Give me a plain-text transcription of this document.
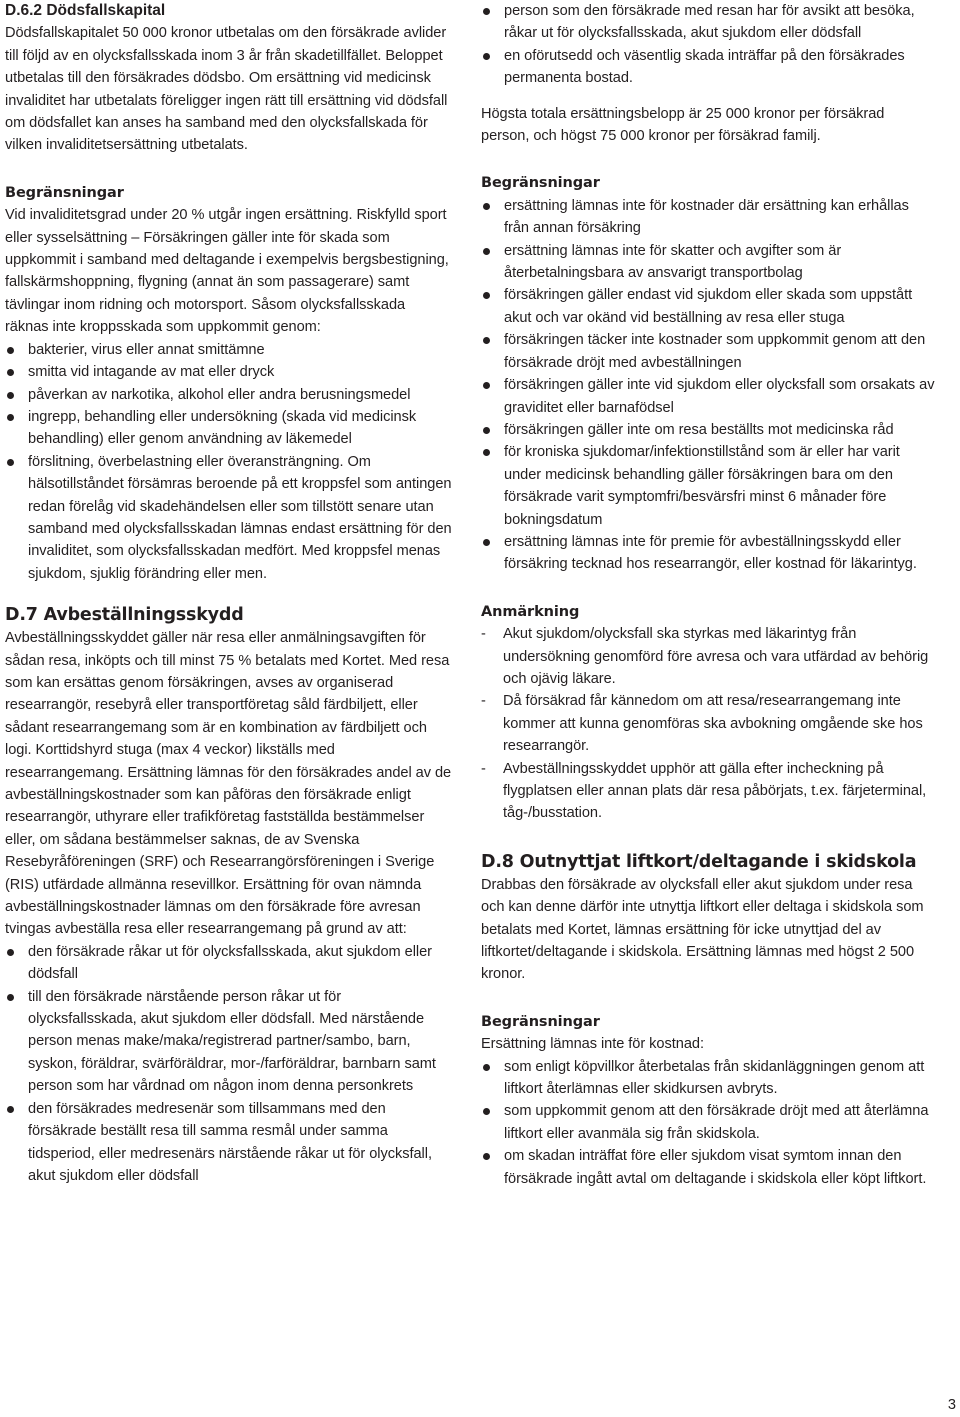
D.6.2 Dödsfallskapital

Dödsfallskapitalet 50 000 kronor utbetalas om den försäkrade avlider till följd av en olycksfallsskada inom 3 år från skadetillfället. Beloppet utbetalas till den försäkrades dödsbo. Om ersättning vid medicinsk invaliditet har utbetalats föreligger ingen rätt till ersättning vid dödsfall om dödsfallet kan anses ha samband med den olycksfallskada för vilken invaliditetsersättning utbetalats.

Begränsningar

Vid invaliditetsgrad under 20 % utgår ingen ersättning. Riskfylld sport eller sysselsättning – Försäkringen gäller inte för skada som uppkommit i samband med deltagande i exempelvis bergsbestigning, fallskärmshoppning, flygning (annat än som passagerare) samt tävlingar inom ridning och motorsport. Såsom olycksfallsskada räknas inte kroppsskada som uppkommit genom:

bakterier, virus eller annat smittämne
smitta vid intagande av mat eller dryck
påverkan av narkotika, alkohol eller andra berusningsmedel
ingrepp, behandling eller undersökning (skada vid medicinsk behandling) eller genom användning av läkemedel
förslitning, överbelastning eller överansträngning. Om hälsotillståndet försämras beroende på ett kroppsfel som antingen redan förelåg vid skadehändelsen eller som tillstött senare utan samband med olycksfallsskadan lämnas endast ersättning för den invaliditet, som olycksfallsskadan medfört. Med kroppsfel menas sjukdom, sjuklig förändring eller men.
D.7 Avbeställningsskydd

Avbeställningsskyddet gäller när resa eller anmälningsavgiften för sådan resa, inköpts och till minst 75 % betalats med Kortet. Med resa som kan ersättas genom försäkringen, avses av organiserad researrangör, resebyrå eller transportföretag såld färdbiljett, eller sådant researrangemang som är en kombination av färdbiljett och logi. Korttidshyrd stuga (max 4 veckor) likställs med researrangemang. Ersättning lämnas för den försäkrades andel av de avbeställningskostnader som kan påföras den försäkrade enligt researrangör, uthyrare eller trafikföretag fastställda bestämmelser eller, om sådana bestämmelser saknas, de av Svenska Resebyråföreningen (SRF) och Researrangörsföreningen i Sverige (RIS) utfärdade allmänna resevillkor. Ersättning för ovan nämnda avbeställningskostnader lämnas om den försäkrade före avresan tvingas avbeställa resa eller researrangemang på grund av att:

den försäkrade råkar ut för olycksfallsskada, akut sjukdom eller dödsfall
till den försäkrade närstående person råkar ut för olycksfallsskada, akut sjukdom eller dödsfall. Med närstående person menas make/maka/registrerad partner/sambo, barn, syskon, föräldrar, svärföräldrar, mor-/farföräldrar, barnbarn samt person som har vårdnad om någon inom denna personkrets
den försäkrades medresenär som tillsammans med den försäkrade beställt resa till samma resmål under samma tidsperiod, eller medresenärs närstående råkar ut för olycksfall, akut sjukdom eller dödsfall
person som den försäkrade med resan har för avsikt att besöka, råkar ut för olycksfallsskada, akut sjukdom eller dödsfall
en oförutsedd och väsentlig skada inträffar på den försäkrades permanenta bostad.

Högsta totala ersättningsbelopp är 25 000 kronor per försäkrad person, och högst 75 000 kronor per försäkrad familj.

Begränsningar
ersättning lämnas inte för kostnader där ersättning kan erhållas från annan försäkring
ersättning lämnas inte för skatter och avgifter som är återbetalningsbara av ansvarigt transportbolag
försäkringen gäller endast vid sjukdom eller skada som uppstått akut och var okänd vid beställning av resa eller stuga
försäkringen täcker inte kostnader som uppkommit genom att den försäkrade dröjt med avbeställningen
försäkringen gäller inte vid sjukdom eller olycksfall som orsakats av graviditet eller barnafödsel
försäkringen gäller inte om resa beställts mot medicinska råd
för kroniska sjukdomar/infektionstillstånd som är eller har varit under medicinsk behandling gäller försäkringen bara om den försäkrade varit symptomfri/besvärsfri minst 6 månader före bokningsdatum
ersättning lämnas inte för premie för avbeställningsskydd eller försäkring tecknad hos researrangör, eller kostnad för läkarintyg.
Anmärkning
- Akut sjukdom/olycksfall ska styrkas med läkarintyg från undersökning genomförd före avresa och vara utfärdad av behörig och ojävig läkare.
- Då försäkrad får kännedom om att resa/researrangemang inte kommer att kunna genomföras ska avbokning omgående ske hos researrangör.
- Avbeställningsskyddet upphör att gälla efter incheckning på flygplatsen eller annan plats där resa påbörjats, t.ex. färjeterminal, tåg-/busstation.
D.8 Outnyttjat liftkort/deltagande i skidskola

Drabbas den försäkrade av olycksfall eller akut sjukdom under resa och kan denne därför inte utnyttja liftkort eller deltaga i skidskola som betalats med Kortet, lämnas ersättning för icke utnyttjad del av liftkortet/deltagande i skidskola. Ersättning lämnas med högst 2 500 kronor.

Begränsningar

Ersättning lämnas inte för kostnad:

som enligt köpvillkor återbetalas från skidanläggningen genom att liftkort återlämnas eller skidkursen avbryts.
som uppkommit genom att den försäkrade dröjt med att återlämna liftkort eller avanmäla sig från skidskola.
om skadan inträffat före eller sjukdom visat symtom innan den försäkrade ingått avtal om deltagande i skidskola eller köpt liftkort.
3
